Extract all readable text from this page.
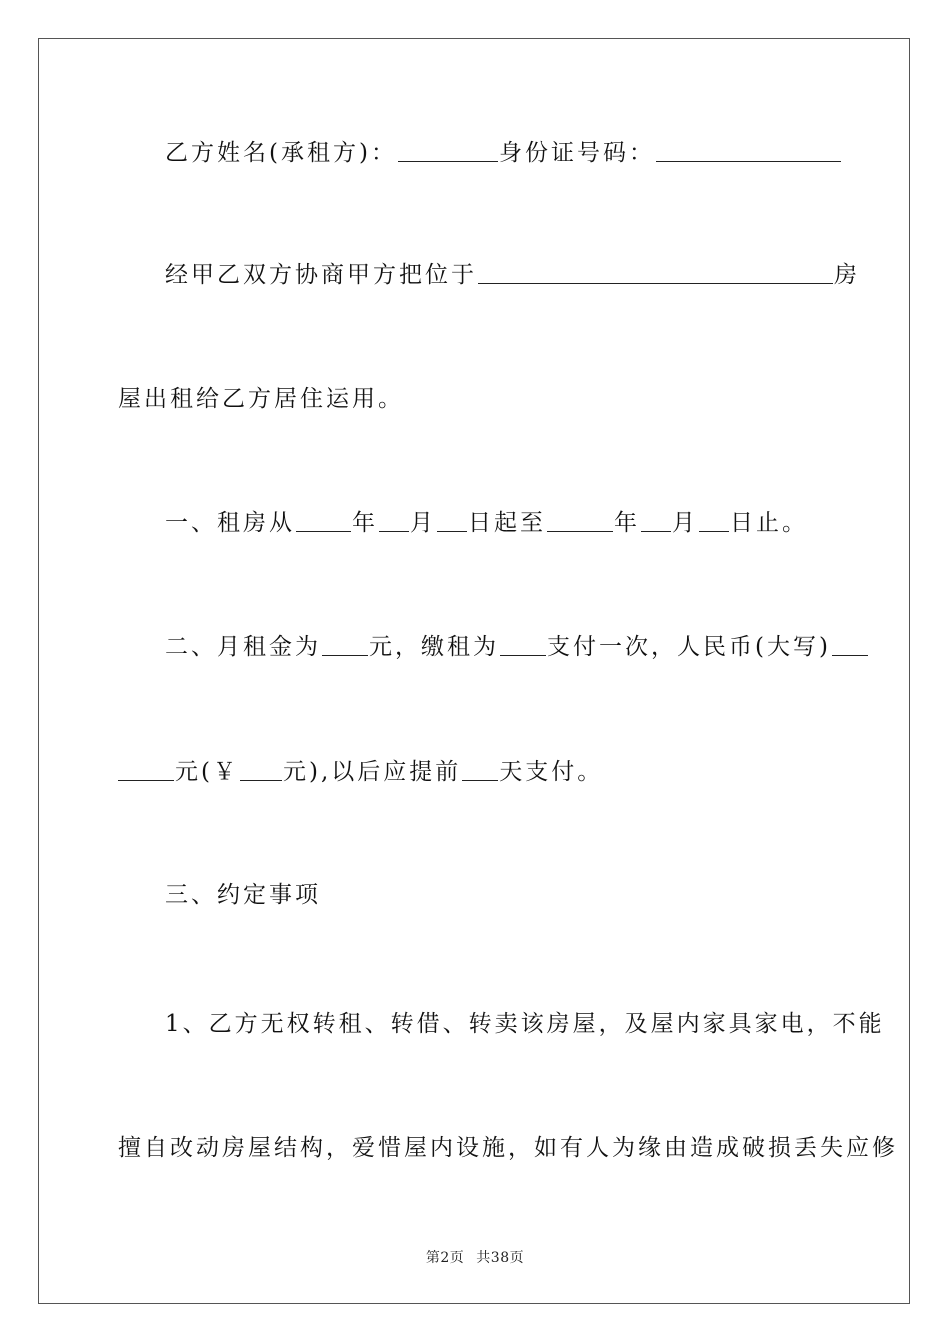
乙方姓名(承租方)：	身份证号码：
经甲乙双方协商甲方把位于	房
屋出租给乙方居住运用。
一、租房从 年 月 日起至	年 月 日止。
二、月租金为 元，缴租为 支付一次，人民币(大写)
元(￥ 元),以后应提前 天支付。
三、约定事项
1、乙方无权转租、转借、转卖该房屋，及屋内家具家电，不能
擅自改动房屋结构，爱惜屋内设施，如有人为缘由造成破损丢失应修
第2页 共38页
